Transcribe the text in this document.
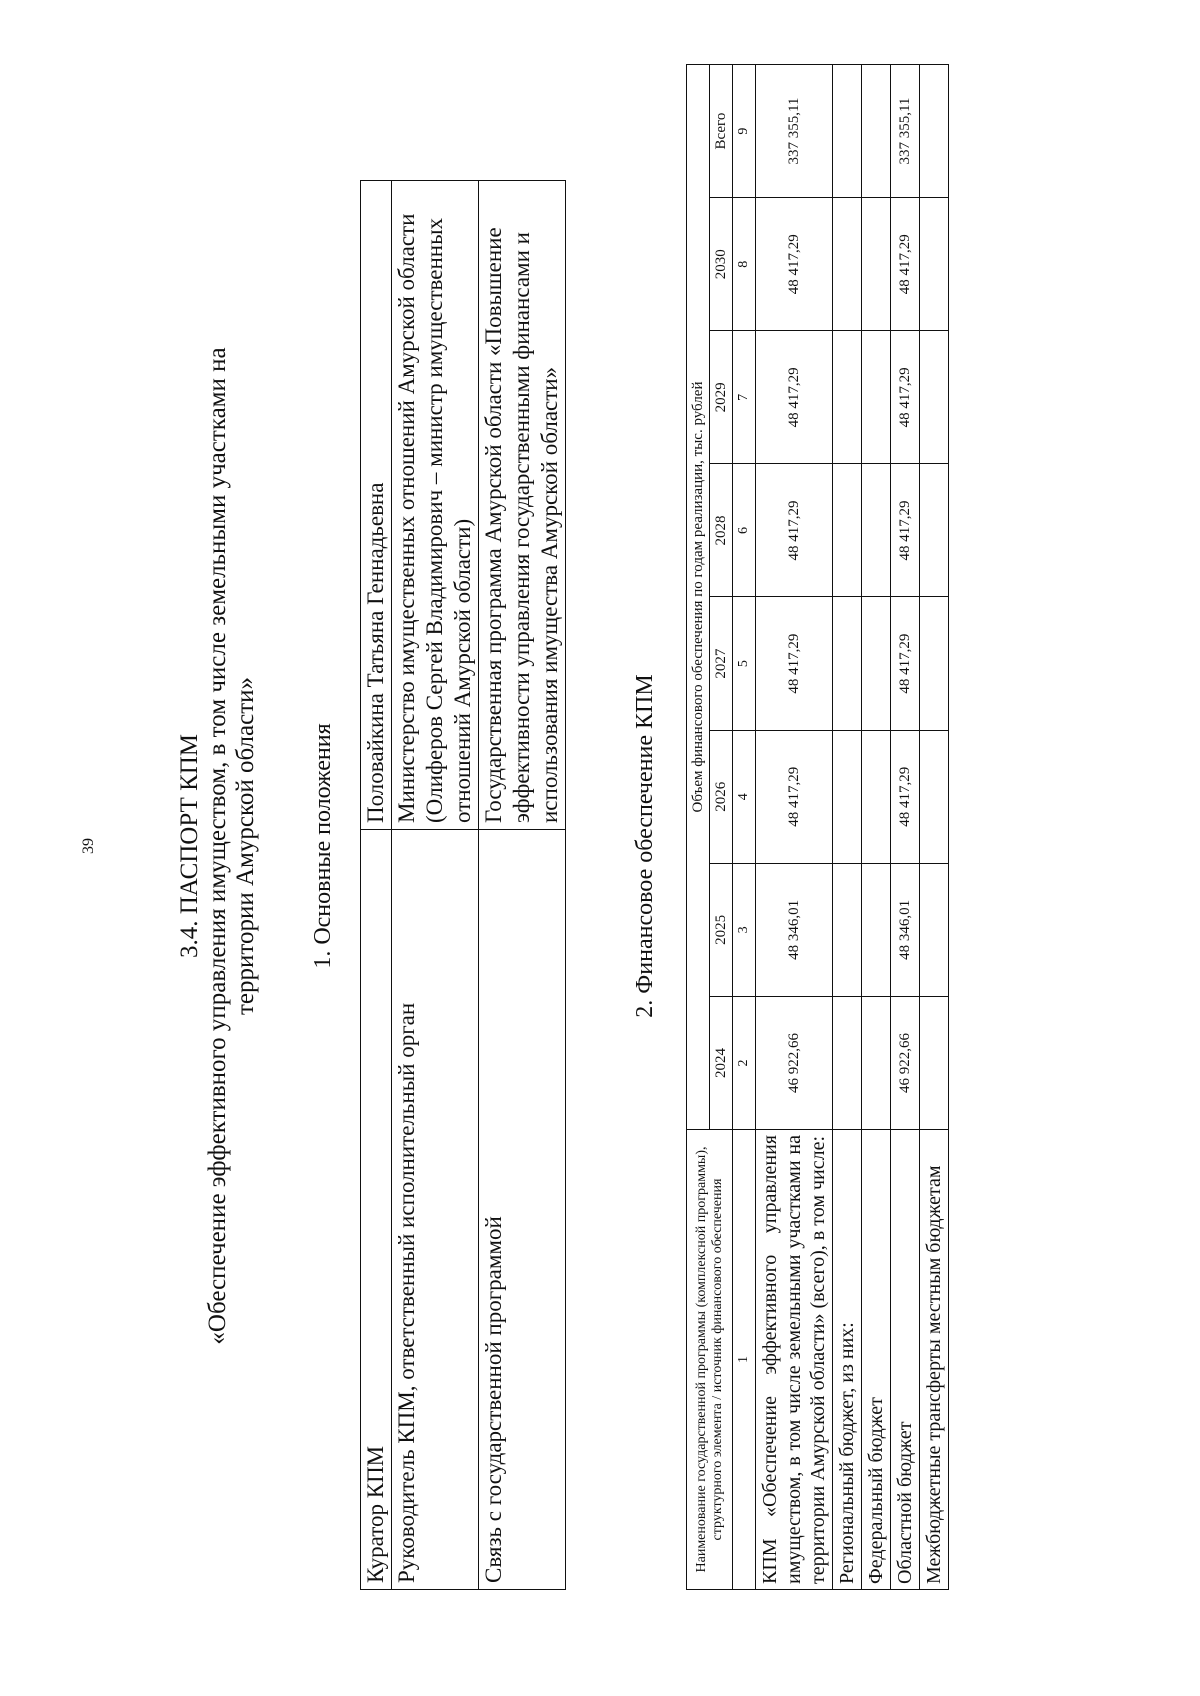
39	3.4. ПАСПОРТ КПМ «Обеспечение эффективного управления имуществом, в том числе земельными участками на территории Амурской области» 1. Основные положения
Куратор КПМ	Половайкина Татьяна Геннадьевна
Руководитель КПМ, ответственный исполнительный орган	Министерство имущественных отношений Амурской области (Олиферов Сергей Владимирович – министр имущественных отношений Амурской области)
Связь с государственной программой	Государственная программа Амурской области «Повышение эффективности управления государственными финансами и использования имущества Амурской области»
2. Финансовое обеспечение КПМ
Наименование государственной программы (комплексной программы), структурного элемента / источник финансового обеспечения	Объем финансового обеспечения по годам реализации, тыс. рублей							
	2024	2025	2026	2027	2028	2029	2030	Всего
1	2	3	4	5	6	7	8	9
КПМ «Обеспечение эффективного управления имуществом, в том числе земельными участками на территории Амурской области» (всего), в том числе:	46 922,66	48 346,01	48 417,29	48 417,29	48 417,29	48 417,29	48 417,29	337 355,11
Региональный бюджет, из них:								
Федеральный бюджет								
Областной бюджет	46 922,66	48 346,01	48 417,29	48 417,29	48 417,29	48 417,29	48 417,29	337 355,11
Межбюджетные трансферты местным бюджетам								
